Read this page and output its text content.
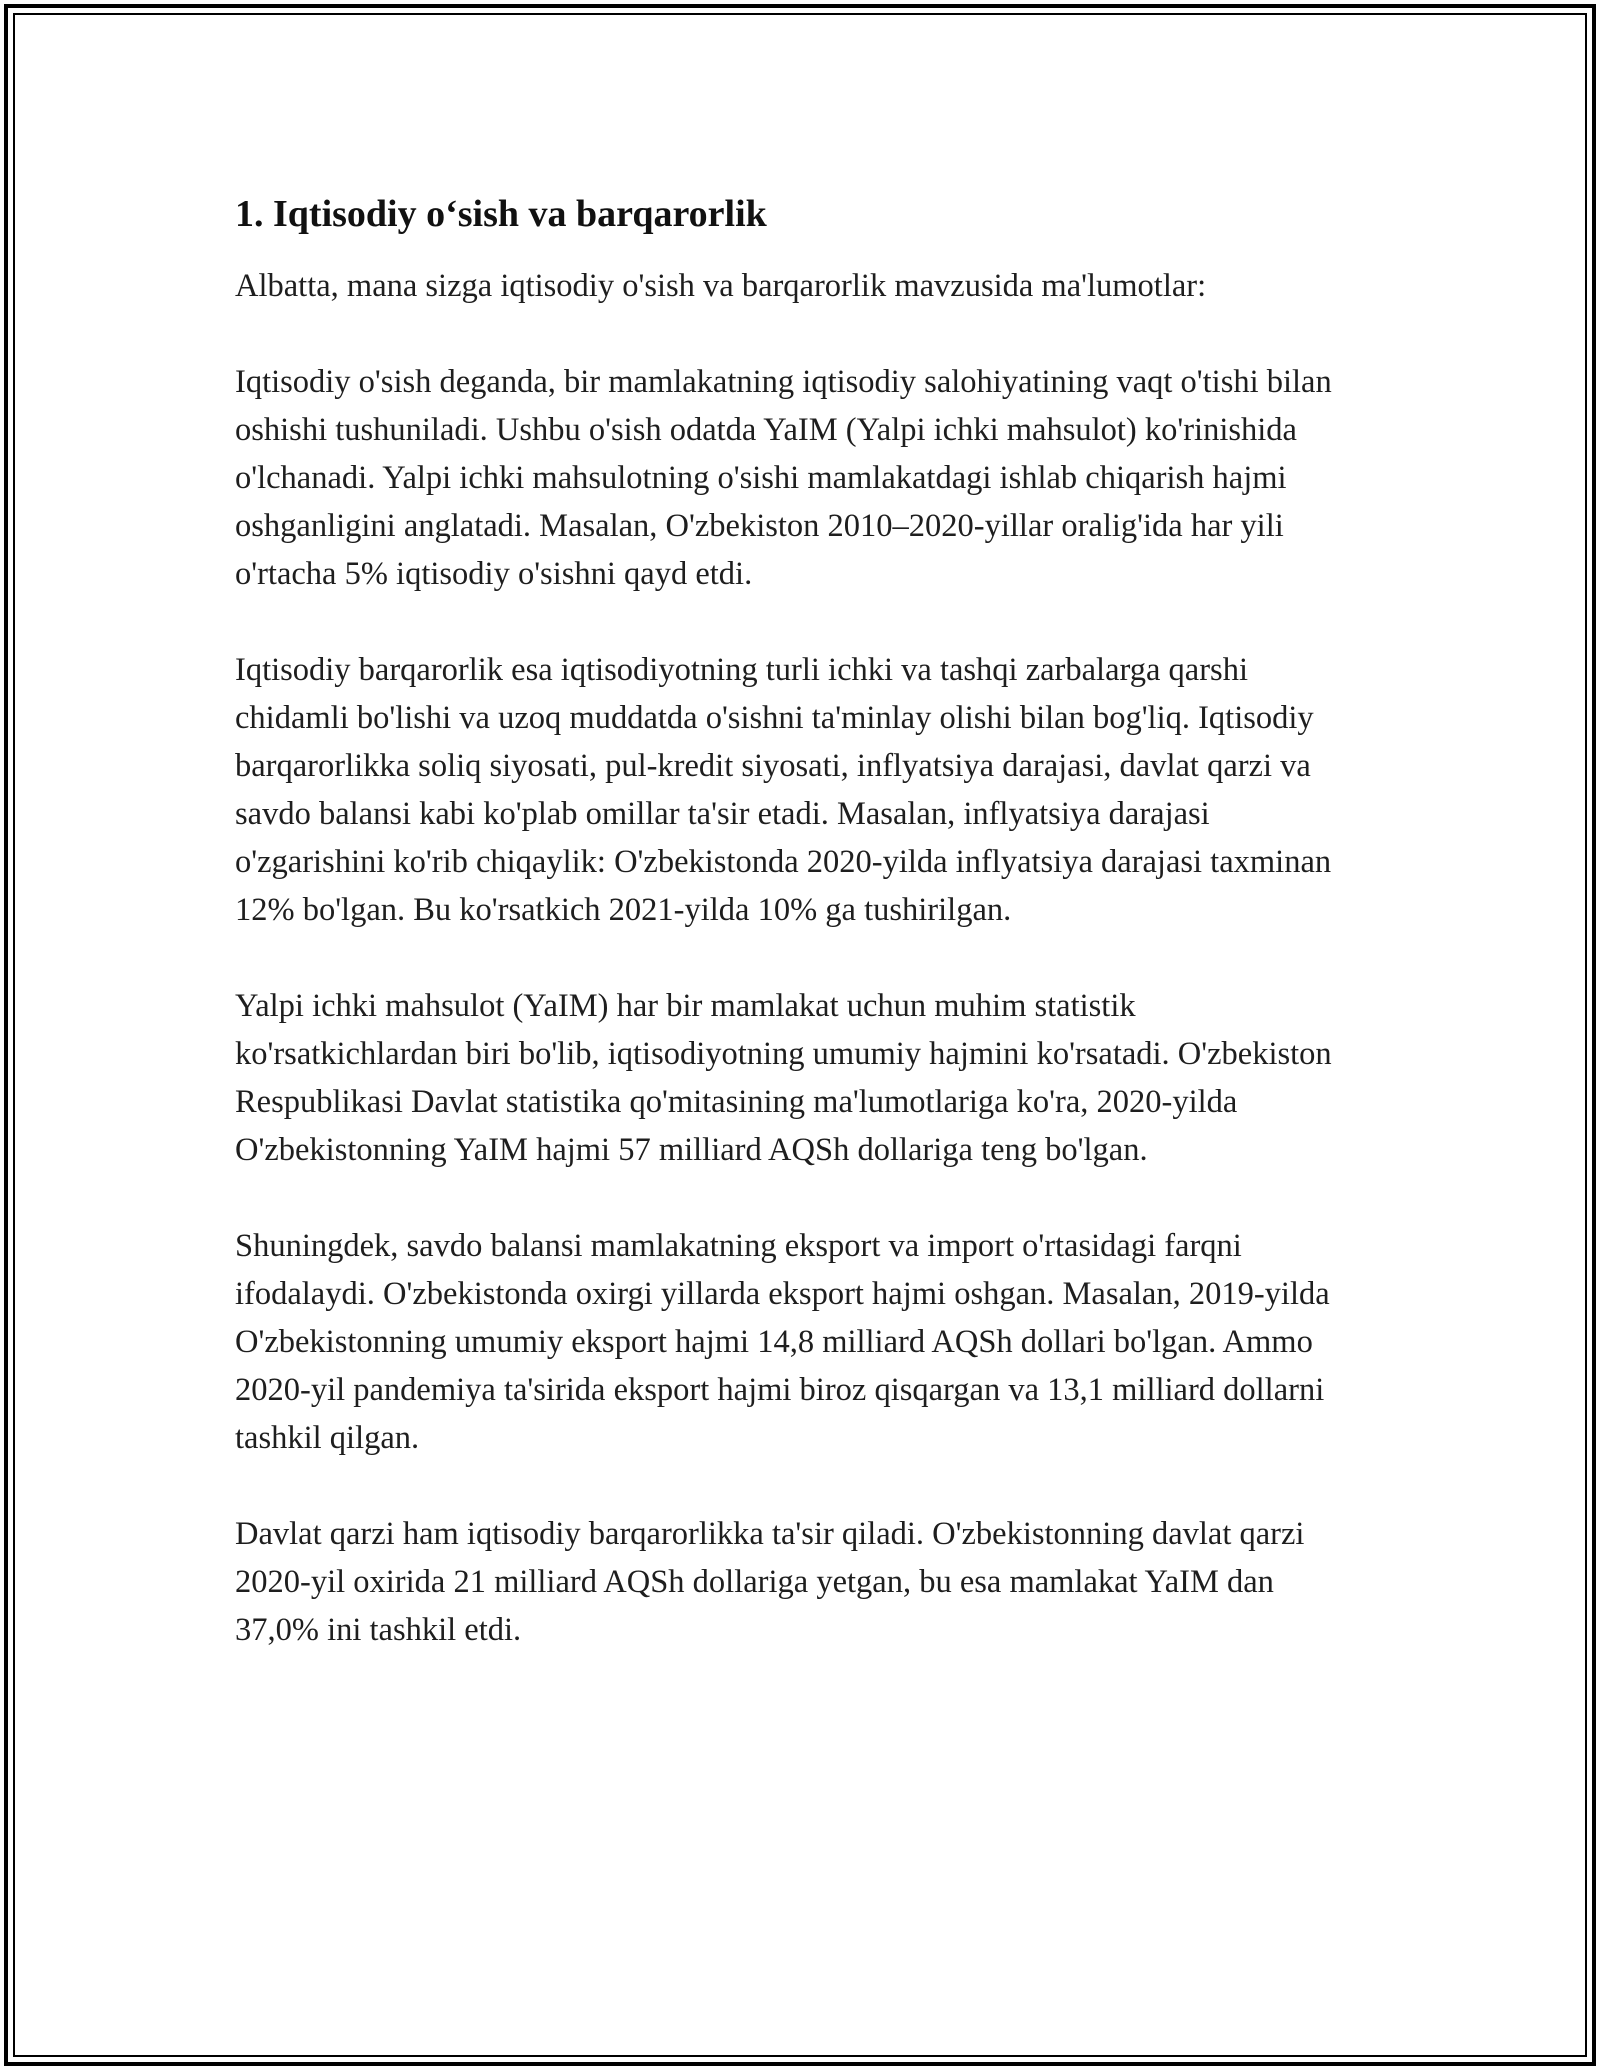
1. Iqtisodiy o‘sish va barqarorlik

Albatta, mana sizga iqtisodiy o'sish va barqarorlik mavzusida ma'lumotlar:

Iqtisodiy o'sish deganda, bir mamlakatning iqtisodiy salohiyatining vaqt o'tishi bilan oshishi tushuniladi. Ushbu o'sish odatda YaIM (Yalpi ichki mahsulot) ko'rinishida o'lchanadi. Yalpi ichki mahsulotning o'sishi mamlakatdagi ishlab chiqarish hajmi oshganligini anglatadi. Masalan, O'zbekiston 2010–2020-yillar oralig'ida har yili o'rtacha 5% iqtisodiy o'sishni qayd etdi.

Iqtisodiy barqarorlik esa iqtisodiyotning turli ichki va tashqi zarbalarga qarshi chidamli bo'lishi va uzoq muddatda o'sishni ta'minlay olishi bilan bog'liq. Iqtisodiy barqarorlikka soliq siyosati, pul-kredit siyosati, inflyatsiya darajasi, davlat qarzi va savdo balansi kabi ko'plab omillar ta'sir etadi. Masalan, inflyatsiya darajasi o'zgarishini ko'rib chiqaylik: O'zbekistonda 2020-yilda inflyatsiya darajasi taxminan 12% bo'lgan. Bu ko'rsatkich 2021-yilda 10% ga tushirilgan.

Yalpi ichki mahsulot (YaIM) har bir mamlakat uchun muhim statistik ko'rsatkichlardan biri bo'lib, iqtisodiyotning umumiy hajmini ko'rsatadi. O'zbekiston Respublikasi Davlat statistika qo'mitasining ma'lumotlariga ko'ra, 2020-yilda O'zbekistonning YaIM hajmi 57 milliard AQSh dollariga teng bo'lgan.

Shuningdek, savdo balansi mamlakatning eksport va import o'rtasidagi farqni ifodalaydi. O'zbekistonda oxirgi yillarda eksport hajmi oshgan. Masalan, 2019-yilda O'zbekistonning umumiy eksport hajmi 14,8 milliard AQSh dollari bo'lgan. Ammo 2020-yil pandemiya ta'sirida eksport hajmi biroz qisqargan va 13,1 milliard dollarni tashkil qilgan.

Davlat qarzi ham iqtisodiy barqarorlikka ta'sir qiladi. O'zbekistonning davlat qarzi 2020-yil oxirida 21 milliard AQSh dollariga yetgan, bu esa mamlakat YaIM dan 37,0% ini tashkil etdi.
